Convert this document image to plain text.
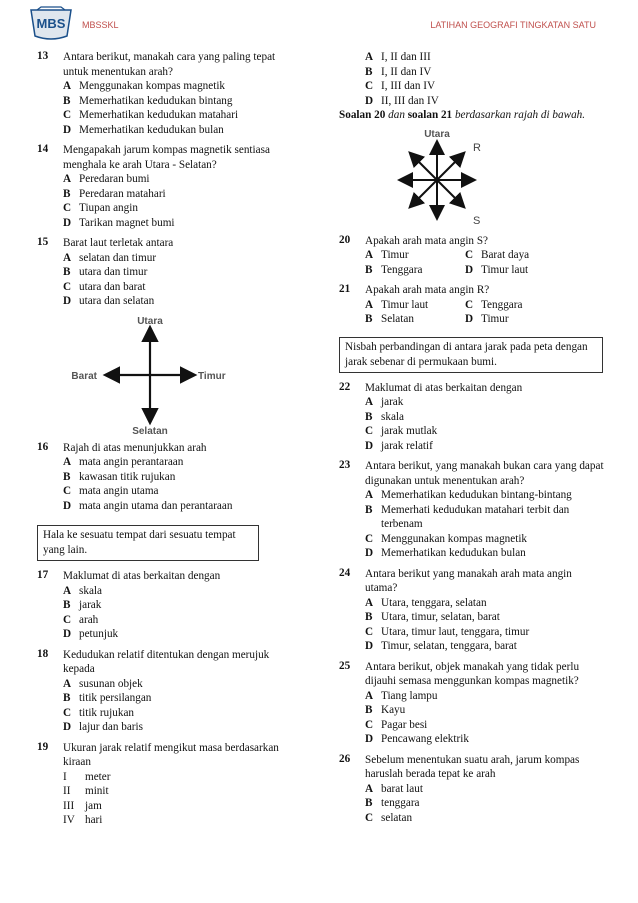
MBS MBSSKL	LATIHAN GEOGRAFI TINGKATAN SATU
13	Antara berikut, manakah cara yang paling tepat untuk menentukan arah?
A Menggunakan kompas magnetik
B Memerhatikan kedudukan bintang
C Memerhatikan kedudukan matahari
D Memerhatikan kedudukan bulan
14	Mengapakah jarum kompas magnetik sentiasa menghala ke arah Utara - Selatan?
A Peredaran bumi
B Peredaran matahari
C Tiupan angin
D Tarikan magnet bumi
15	Barat laut terletak antara
A selatan dan timur
B utara dan timur
C utara dan barat
D utara dan selatan
Utara
Selatan
Barat	Timur
16	Rajah di atas menunjukkan arah
A mata angin perantaraan
B kawasan titik rujukan
C mata angin utama
D mata angin utama dan perantaraan
Hala ke sesuatu tempat dari sesuatu tempat yang lain.
17	Maklumat di atas berkaitan dengan
A skala
B jarak
C arah
D petunjuk
18	Kedudukan relatif ditentukan dengan merujuk kepada
A susunan objek
B titik persilangan
C titik rujukan
D lajur dan baris
19	Ukuran jarak relatif mengikut masa berdasarkan kiraan
I	meter
II	minit
III jam
IV hari
A I, II dan III
B I, II dan IV
C I, III dan IV
D II, III dan IV
Soalan 20 dan soalan 21 berdasarkan rajah di bawah.
Utara
R
S
20	Apakah arah mata angin S?
A Timur	C Barat daya
B Tenggara	D Timur laut
21	Apakah arah mata angin R?
A Timur laut	C Tenggara
B Selatan	D Timur
Nisbah perbandingan di antara jarak pada peta dengan jarak sebenar di permukaan bumi.
22	Maklumat di atas berkaitan dengan
A jarak
B skala
C jarak mutlak
D jarak relatif
23	Antara berikut, yang manakah bukan cara yang dapat digunakan untuk menentukan arah?
A Memerhatikan kedudukan bintang-bintang
B Memerhati kedudukan matahari terbit dan terbenam
C Menggunakan kompas magnetik
D Memerhatikan kedudukan bulan
24	Antara berikut yang manakah arah mata angin utama?
A Utara, tenggara, selatan
B Utara, timur, selatan, barat
C Utara, timur laut, tenggara, timur
D Timur, selatan, tenggara, barat
25	Antara berikut, objek manakah yang tidak perlu dijauhi semasa menggunkan kompas magnetik?
A Tiang lampu
B Kayu
C Pagar besi
D Pencawang elektrik
26	Sebelum menentukan suatu arah, jarum kompas haruslah berada tepat ke arah
A barat laut
B tenggara
C selatan
